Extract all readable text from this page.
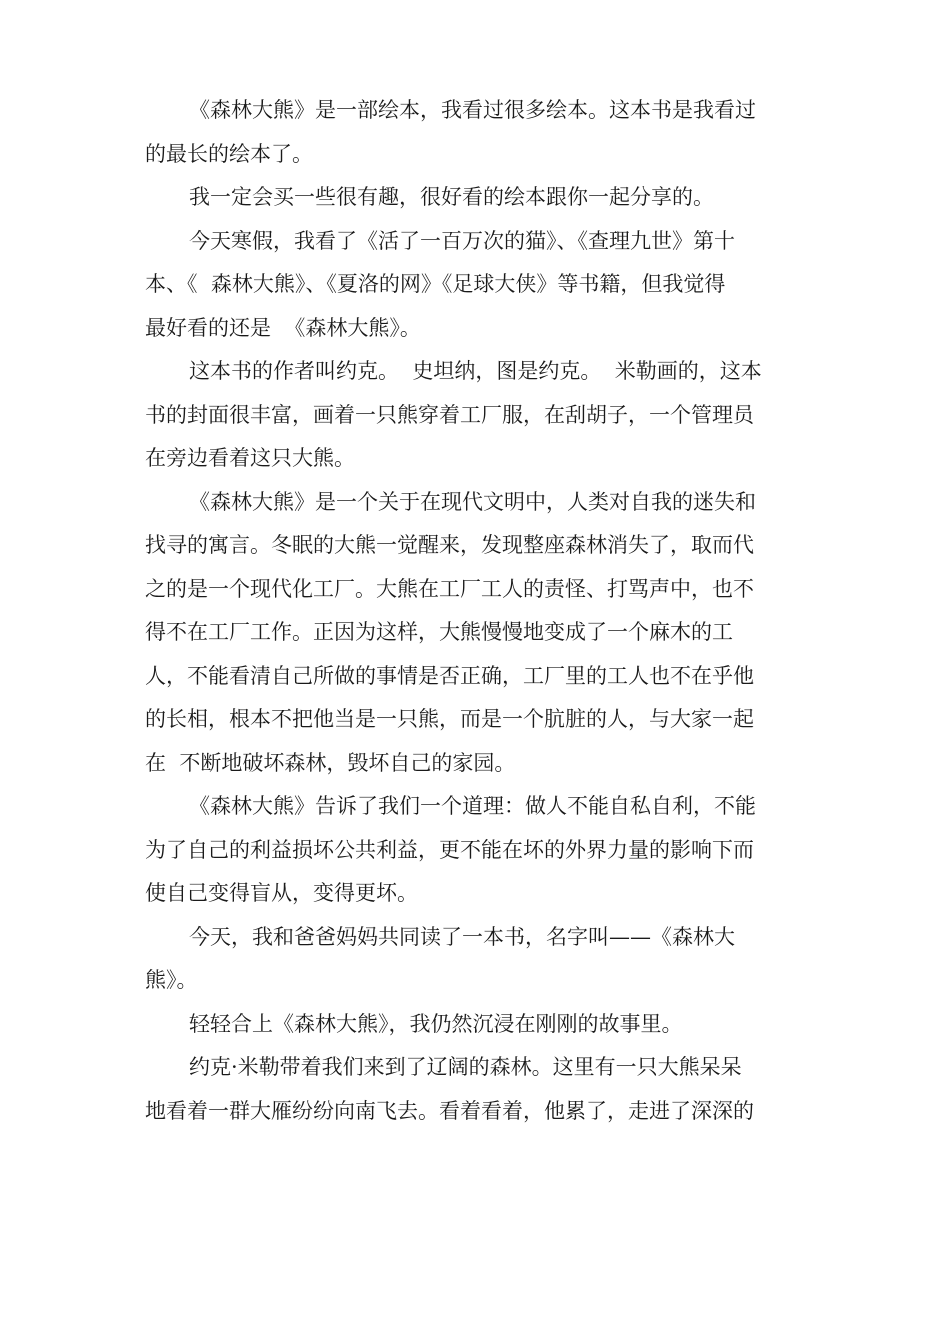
《森林大熊》是一部绘本，我看过很多绘本。这本书是我看过
的最长的绘本了。

我一定会买一些很有趣，很好看的绘本跟你一起分享的。

今天寒假，我看了《活了一百万次的猫》、《查理九世》第十
本、《  森林大熊》、《夏洛的网》《足球大侠》等书籍，但我觉得
最好看的还是  《森林大熊》。

这本书的作者叫约克。  史坦纳，图是约克。  米勒画的，这本
书的封面很丰富，画着一只熊穿着工厂服，在刮胡子，一个管理员
在旁边看着这只大熊。

《森林大熊》是一个关于在现代文明中，人类对自我的迷失和
找寻的寓言。冬眠的大熊一觉醒来，发现整座森林消失了，取而代
之的是一个现代化工厂。大熊在工厂工人的责怪、打骂声中，也不
得不在工厂工作。正因为这样，大熊慢慢地变成了一个麻木的工
人，不能看清自己所做的事情是否正确，工厂里的工人也不在乎他
的长相，根本不把他当是一只熊，而是一个肮脏的人，与大家一起
在  不断地破坏森林，毁坏自己的家园。

《森林大熊》告诉了我们一个道理：做人不能自私自利，不能
为了自己的利益损坏公共利益，更不能在坏的外界力量的影响下而
使自己变得盲从，变得更坏。

今天，我和爸爸妈妈共同读了一本书，名字叫——《森林大
熊》。

轻轻合上《森林大熊》，我仍然沉浸在刚刚的故事里。

约克·米勒带着我们来到了辽阔的森林。这里有一只大熊呆呆
地看着一群大雁纷纷向南飞去。看着看着，他累了，走进了深深的
